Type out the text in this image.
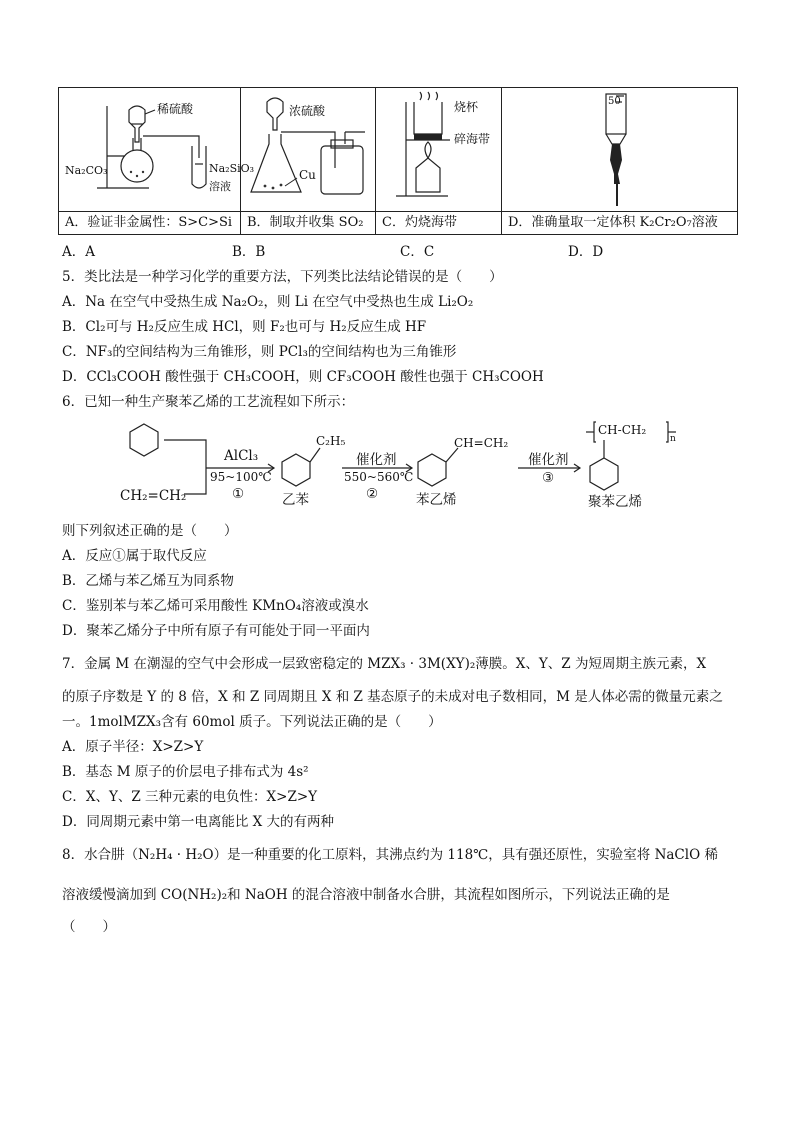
稀硫酸
Na₂CO₃ Na₂SiO₃
溶液	浓硫酸
Cu	烧杯
碎海带	50

A．验证非金属性：S>C>Si	B．制取并收集 SO₂	C．灼烧海带	D．准确量取一定体积 K₂Cr₂O₇溶液
A．A	B．B	C．C	D．D
5．类比法是一种学习化学的重要方法，下列类比法结论错误的是（　　）
A．Na 在空气中受热生成 Na₂O₂，则 Li 在空气中受热也生成 Li₂O₂
B．Cl₂可与 H₂反应生成 HCl，则 F₂也可与 H₂反应生成 HF
C．NF₃的空间结构为三角锥形，则 PCl₃的空间结构也为三角锥形
D．CCl₃COOH 酸性强于 CH₃COOH，则 CF₃COOH 酸性也强于 CH₃COOH
6．已知一种生产聚苯乙烯的工艺流程如下所示：
CH₂=CH₂
AlCl₃
95~100℃
①
C₂H₅
乙苯
催化剂
550~560℃
②
CH=CH₂
苯乙烯
催化剂
③
CH-CH₂
n
聚苯乙烯
则下列叙述正确的是（　　）
A．反应①属于取代反应
B．乙烯与苯乙烯互为同系物
C．鉴别苯与苯乙烯可采用酸性 KMnO₄溶液或溴水
D．聚苯乙烯分子中所有原子有可能处于同一平面内
7．金属 M 在潮湿的空气中会形成一层致密稳定的 MZX₃ · 3M(XY)₂薄膜。X、Y、Z 为短周期主族元素，X
的原子序数是 Y 的 8 倍，X 和 Z 同周期且 X 和 Z 基态原子的未成对电子数相同，M 是人体必需的微量元素之
一。1molMZX₃含有 60mol 质子。下列说法正确的是（　　）
A．原子半径：X>Z>Y
B．基态 M 原子的价层电子排布式为 4s²
C．X、Y、Z 三种元素的电负性：X>Z>Y
D．同周期元素中第一电离能比 X 大的有两种
8．水合肼（N₂H₄ · H₂O）是一种重要的化工原料，其沸点约为 118℃，具有强还原性，实验室将 NaClO 稀
溶液缓慢滴加到 CO(NH₂)₂和 NaOH 的混合溶液中制备水合肼，其流程如图所示，下列说法正确的是
（　　）
